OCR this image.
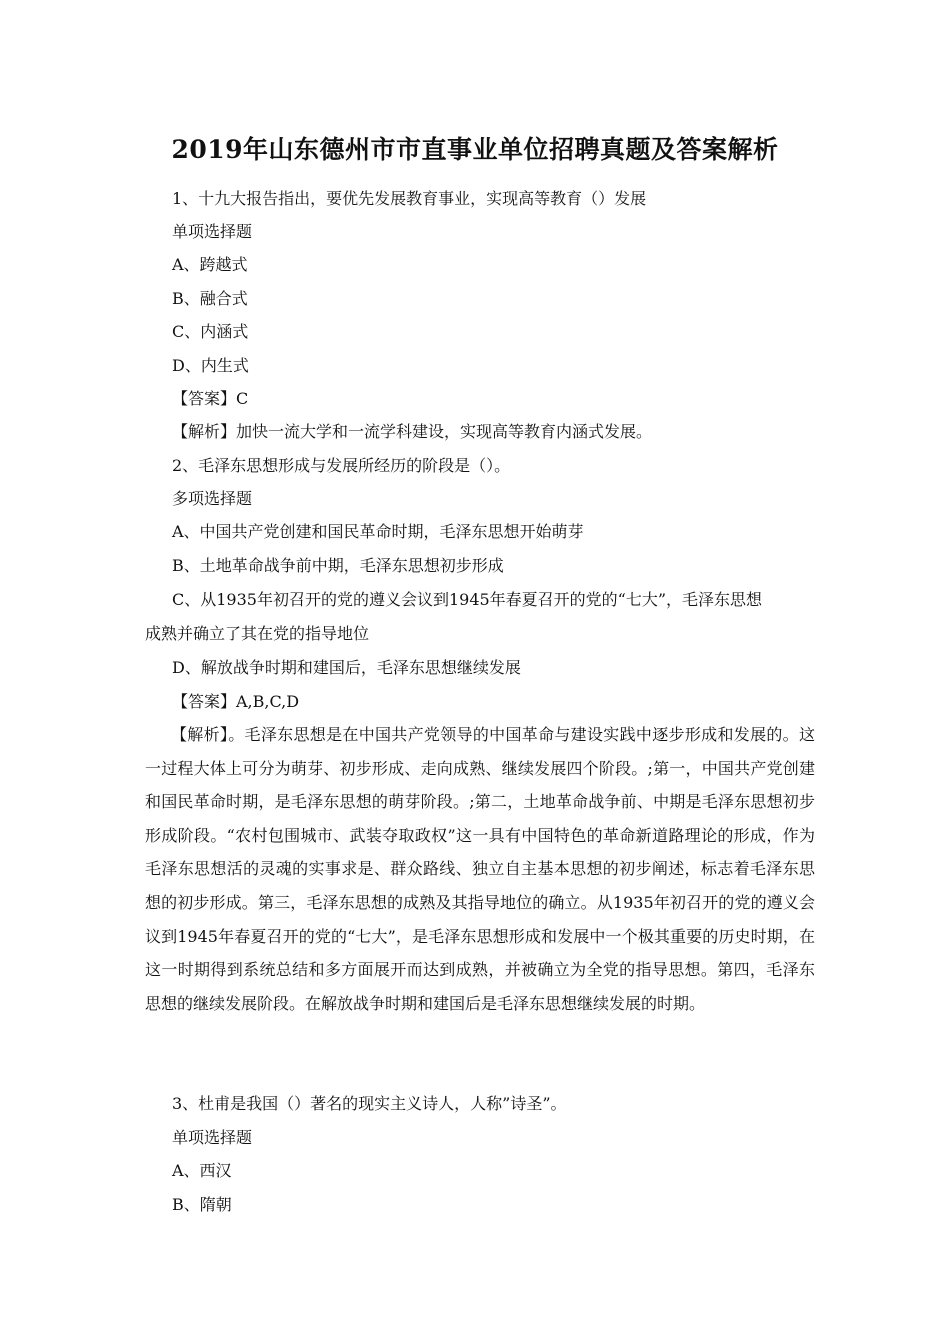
2019年山东德州市市直事业单位招聘真题及答案解析
1、十九大报告指出，要优先发展教育事业，实现高等教育（）发展
单项选择题
A、跨越式
B、融合式
C、内涵式
D、内生式
【答案】C
【解析】加快一流大学和一流学科建设，实现高等教育内涵式发展。
2、毛泽东思想形成与发展所经历的阶段是（）。
多项选择题
A、中国共产党创建和国民革命时期，毛泽东思想开始萌芽
B、土地革命战争前中期，毛泽东思想初步形成
C、从1935年初召开的党的遵义会议到1945年春夏召开的党的“七大”，毛泽东思想
成熟并确立了其在党的指导地位
D、解放战争时期和建国后，毛泽东思想继续发展
【答案】A,B,C,D
【解析】。毛泽东思想是在中国共产党领导的中国革命与建设实践中逐步形成和发展的。这一过程大体上可分为萌芽、初步形成、走向成熟、继续发展四个阶段。;第一，中国共产党创建和国民革命时期，是毛泽东思想的萌芽阶段。;第二，土地革命战争前、中期是毛泽东思想初步形成阶段。“农村包围城市、武装夺取政权”这一具有中国特色的革命新道路理论的形成，作为毛泽东思想活的灵魂的实事求是、群众路线、独立自主基本思想的初步阐述，标志着毛泽东思想的初步形成。第三，毛泽东思想的成熟及其指导地位的确立。从1935年初召开的党的遵义会议到1945年春夏召开的党的“七大”，是毛泽东思想形成和发展中一个极其重要的历史时期，在这一时期得到系统总结和多方面展开而达到成熟，并被确立为全党的指导思想。第四，毛泽东思想的继续发展阶段。在解放战争时期和建国后是毛泽东思想继续发展的时期。
3、杜甫是我国（）著名的现实主义诗人，人称”诗圣”。
单项选择题
A、西汉
B、隋朝
